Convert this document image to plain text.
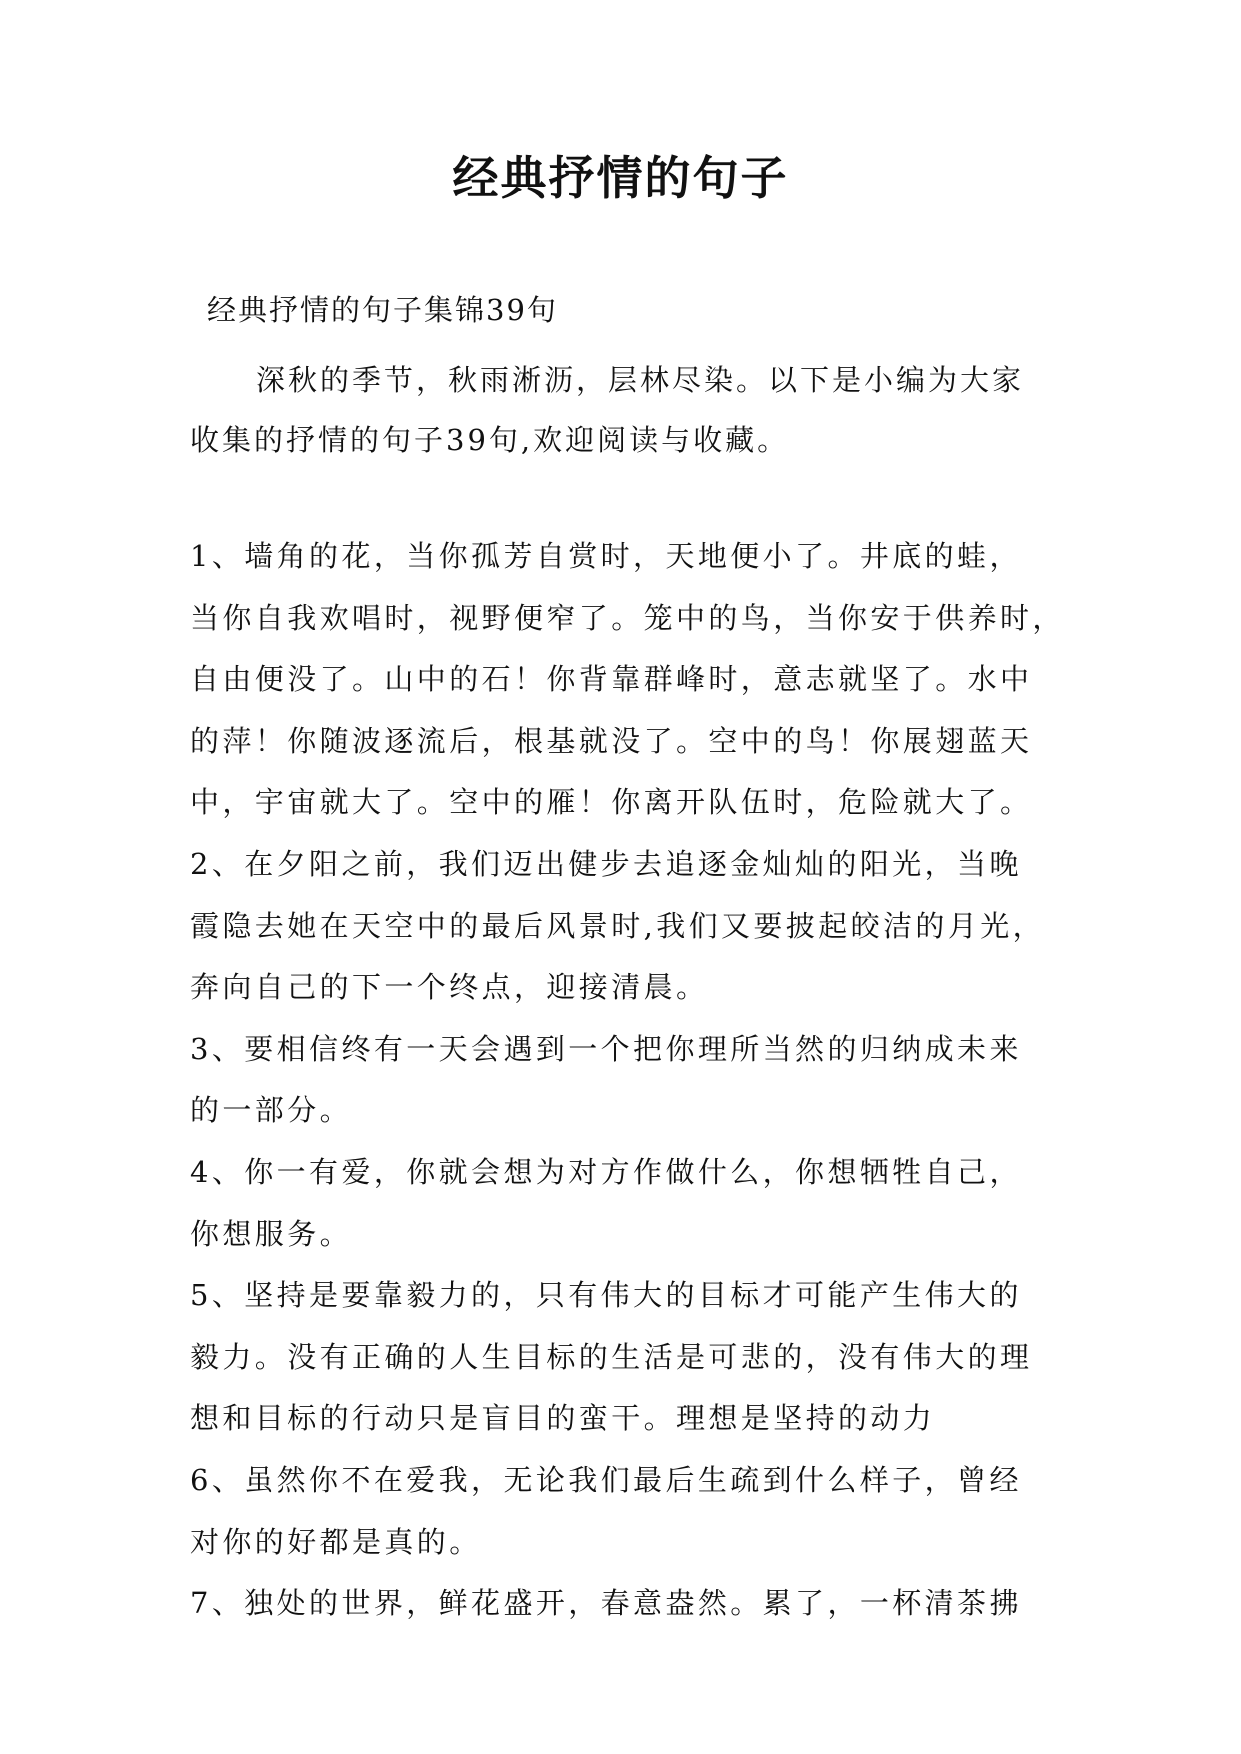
经典抒情的句子
经典抒情的句子集锦39句

深秋的季节，秋雨淅沥，层林尽染。以下是小编为大家收集的抒情的句子39句,欢迎阅读与收藏。

1、墙角的花，当你孤芳自赏时，天地便小了。井底的蛙，
当你自我欢唱时，视野便窄了。笼中的鸟，当你安于供养时，
自由便没了。山中的石！你背靠群峰时，意志就坚了。水中
的萍！你随波逐流后，根基就没了。空中的鸟！你展翅蓝天
中，宇宙就大了。空中的雁！你离开队伍时，危险就大了。
2、在夕阳之前，我们迈出健步去追逐金灿灿的阳光，当晚
霞隐去她在天空中的最后风景时,我们又要披起皎洁的月光，
奔向自己的下一个终点，迎接清晨。
3、要相信终有一天会遇到一个把你理所当然的归纳成未来
的一部分。
4、你一有爱，你就会想为对方作做什么，你想牺牲自己，
你想服务。
5、坚持是要靠毅力的，只有伟大的目标才可能产生伟大的
毅力。没有正确的人生目标的生活是可悲的，没有伟大的理
想和目标的行动只是盲目的蛮干。理想是坚持的动力
6、虽然你不在爱我，无论我们最后生疏到什么样子，曾经
对你的好都是真的。
7、独处的世界，鲜花盛开，春意盎然。累了，一杯清茶拂
